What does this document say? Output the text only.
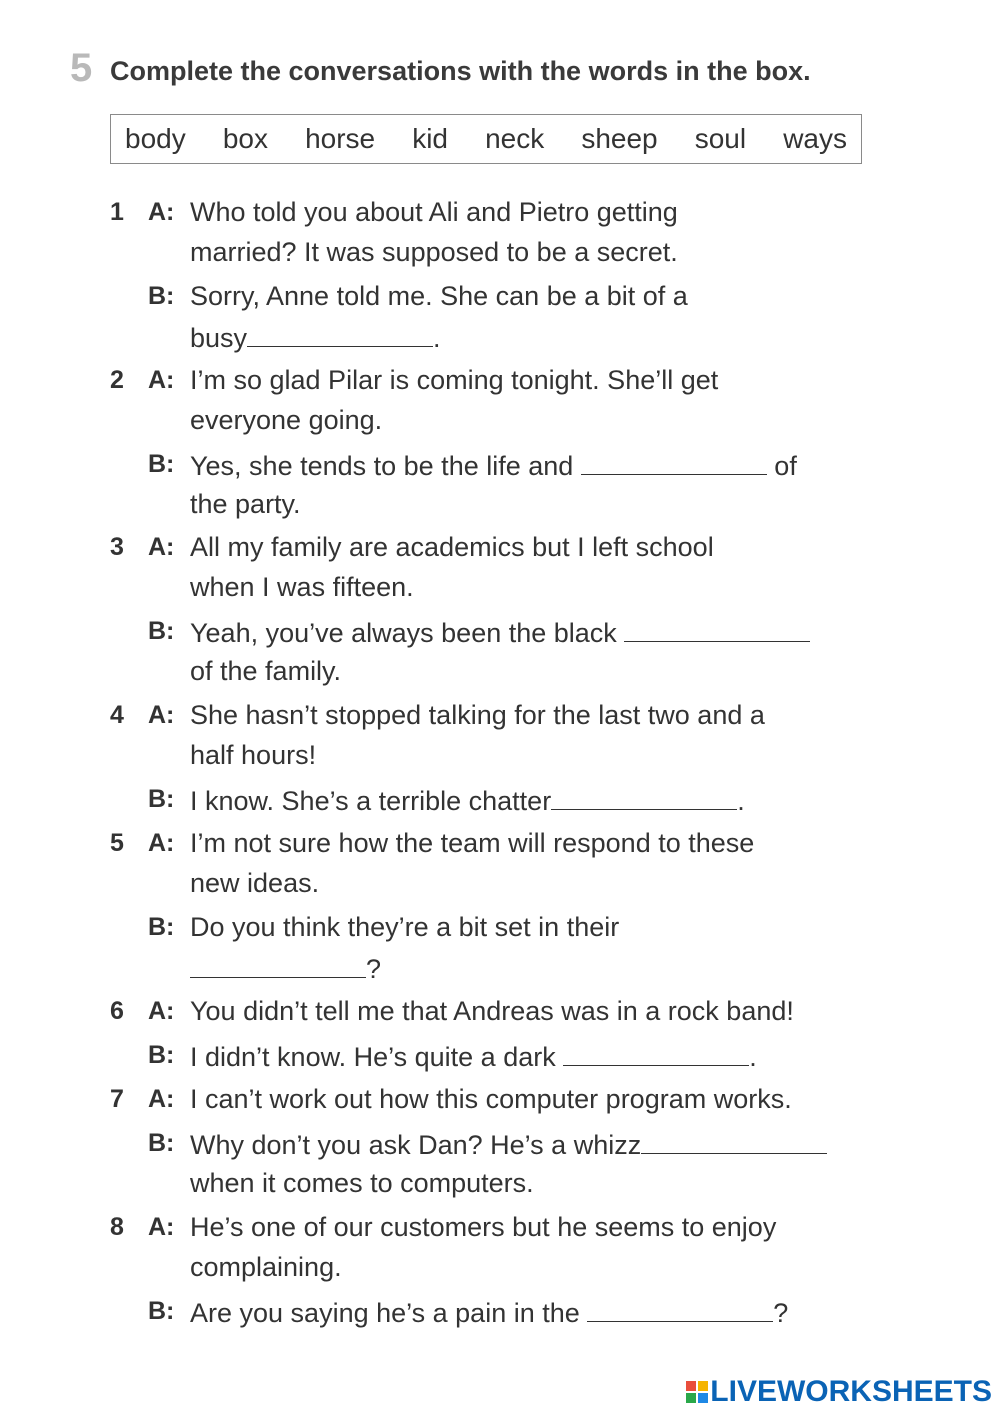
5 Complete the conversations with the words in the box.
body box horse kid neck sheep soul ways
1 A: Who told you about Ali and Pietro getting
married? It was supposed to be a secret.
B: Sorry, Anne told me. She can be a bit of a
busy	.
2 A: I’m so glad Pilar is coming tonight. She’ll get
everyone going.
B: Yes, she tends to be the life and	of
the party.
3 A: All my family are academics but I left school
when I was fifteen.
B: Yeah, you’ve always been the black
of the family.
4 A: She hasn’t stopped talking for the last two and a
half hours!
B: I know. She’s a terrible chatter	.
5 A: I’m not sure how the team will respond to these
new ideas.
B: Do you think they’re a bit set in their
?
6 A: You didn’t tell me that Andreas was in a rock band!
B: I didn’t know. He’s quite a dark	.
7 A: I can’t work out how this computer program works.
B: Why don’t you ask Dan? He’s a whizz
when it comes to computers.
8 A: He’s one of our customers but he seems to enjoy
complaining.
B: Are you saying he’s a pain in the	?
LIVEWORKSHEETS
